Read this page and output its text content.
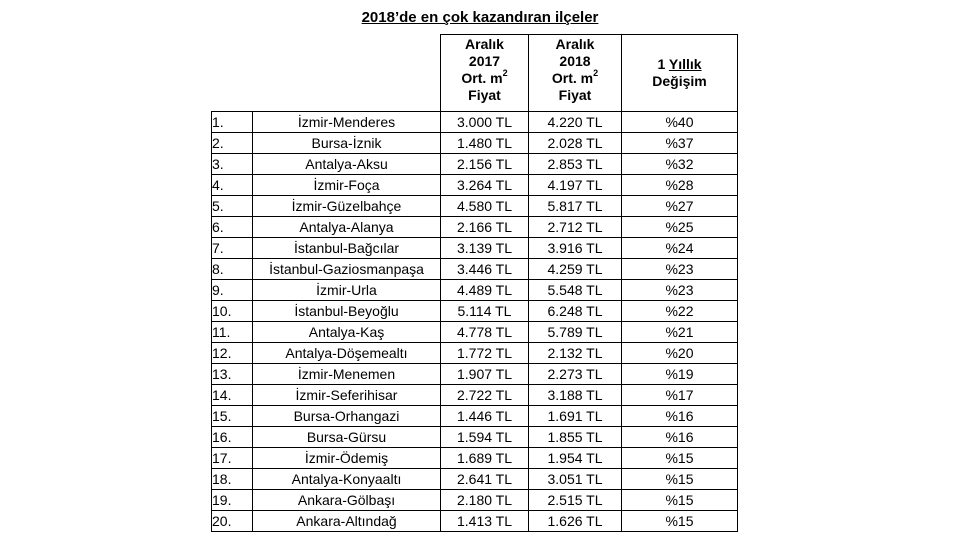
2018’de en çok kazandıran ilçeler
		Aralık
2017
Ort. $m^2$
Fiyat	Aralık
2018
Ort. $m^2$
Fiyat	1 Yıllık
Değişim

1.	İzmir-Menderes	3.000 TL	4.220 TL	%40
2.	Bursa-İznik	1.480 TL	2.028 TL	%37
3.	Antalya-Aksu	2.156 TL	2.853 TL	%32
4.	İzmir-Foça	3.264 TL	4.197 TL	%28
5.	İzmir-Güzelbahçe	4.580 TL	5.817 TL	%27
6.	Antalya-Alanya	2.166 TL	2.712 TL	%25
7.	İstanbul-Bağcılar	3.139 TL	3.916 TL	%24
8.	İstanbul-Gaziosmanpaşa	3.446 TL	4.259 TL	%23
9.	İzmir-Urla	4.489 TL	5.548 TL	%23
10.	İstanbul-Beyoğlu	5.114 TL	6.248 TL	%22
11.	Antalya-Kaş	4.778 TL	5.789 TL	%21
12.	Antalya-Döşemealtı	1.772 TL	2.132 TL	%20
13.	İzmir-Menemen	1.907 TL	2.273 TL	%19
14.	İzmir-Seferihisar	2.722 TL	3.188 TL	%17
15.	Bursa-Orhangazi	1.446 TL	1.691 TL	%16
16.	Bursa-Gürsu	1.594 TL	1.855 TL	%16
17.	İzmir-Ödemiş	1.689 TL	1.954 TL	%15
18.	Antalya-Konyaaltı	2.641 TL	3.051 TL	%15
19.	Ankara-Gölbaşı	2.180 TL	2.515 TL	%15
20.	Ankara-Altındağ	1.413 TL	1.626 TL	%15
